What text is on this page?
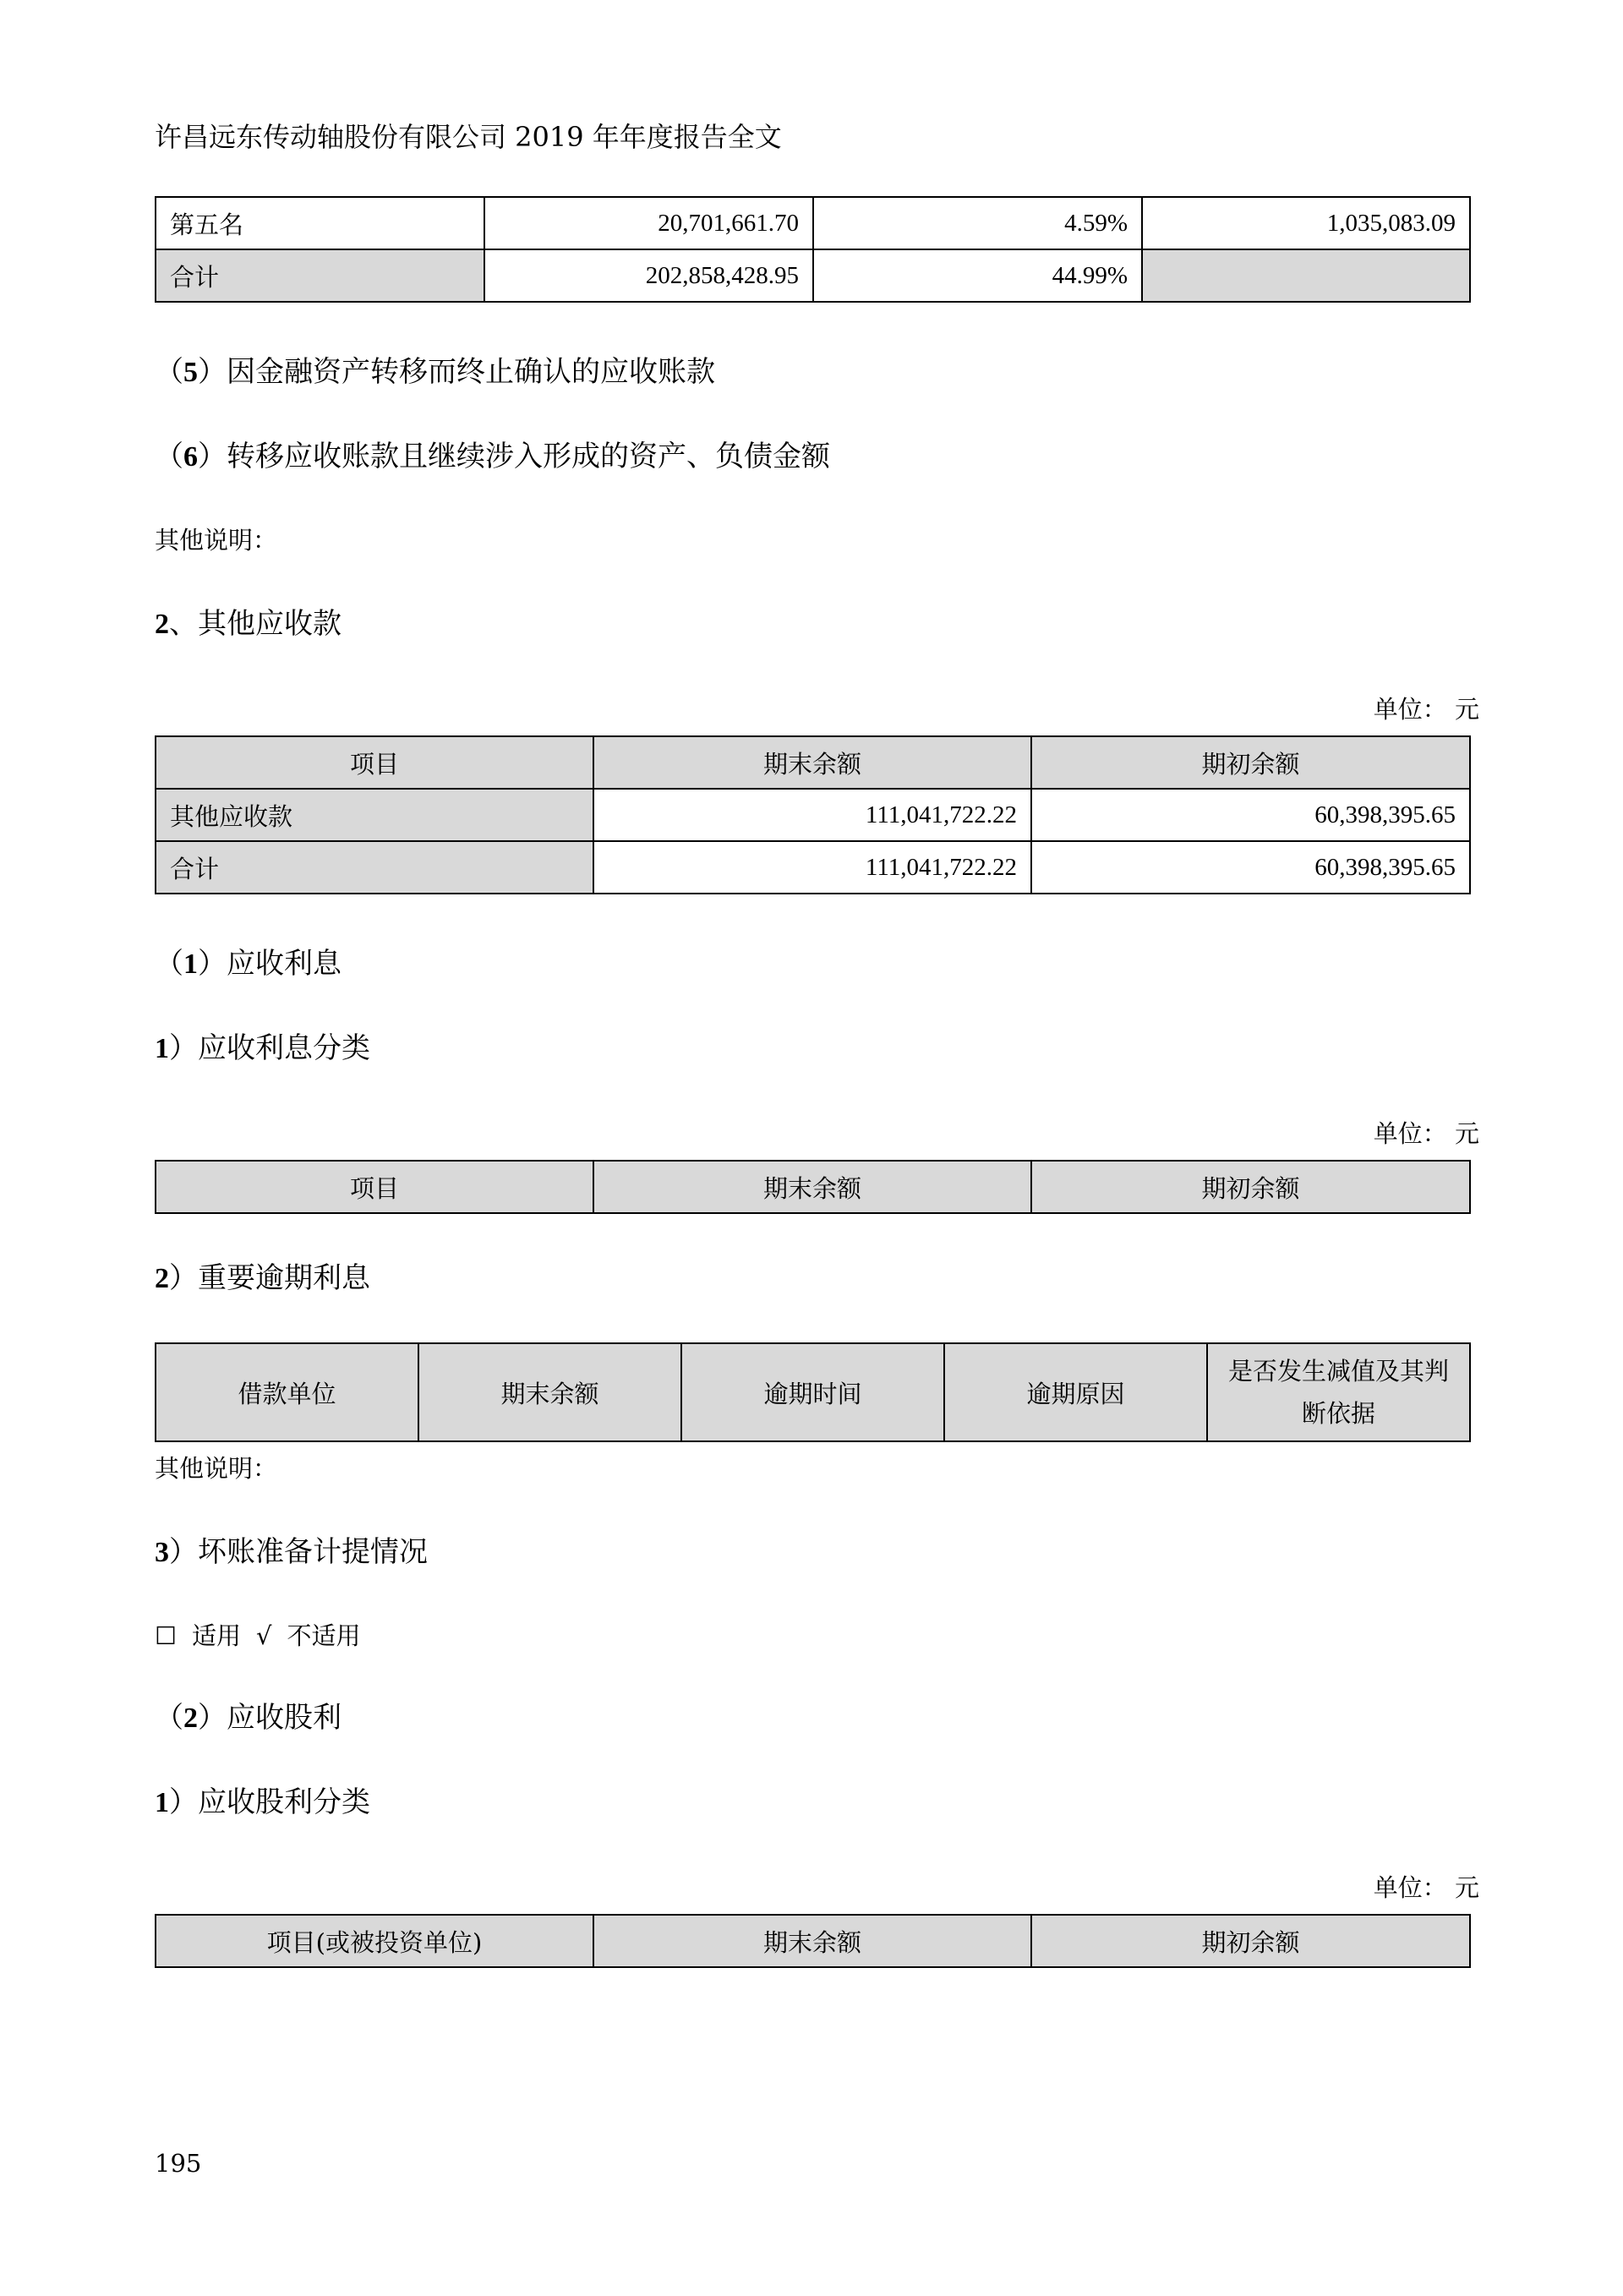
许昌远东传动轴股份有限公司 2019 年年度报告全文
第五名	20,701,661.70	4.59%	1,035,083.09
合计	202,858,428.95	44.99%	
（5）因金融资产转移而终止确认的应收账款
（6）转移应收账款且继续涉入形成的资产、负债金额
其他说明：
2、其他应收款
单位： 元
项目	期末余额	期初余额
其他应收款	111,041,722.22	60,398,395.65
合计	111,041,722.22	60,398,395.65
（1）应收利息
1）应收利息分类
单位： 元
项目	期末余额	期初余额
2）重要逾期利息
借款单位	期末余额	逾期时间	逾期原因	是否发生减值及其判断依据
其他说明：
3）坏账准备计提情况
☐ 适用 √ 不适用
（2）应收股利
1）应收股利分类
单位： 元
项目(或被投资单位)	期末余额	期初余额
195
